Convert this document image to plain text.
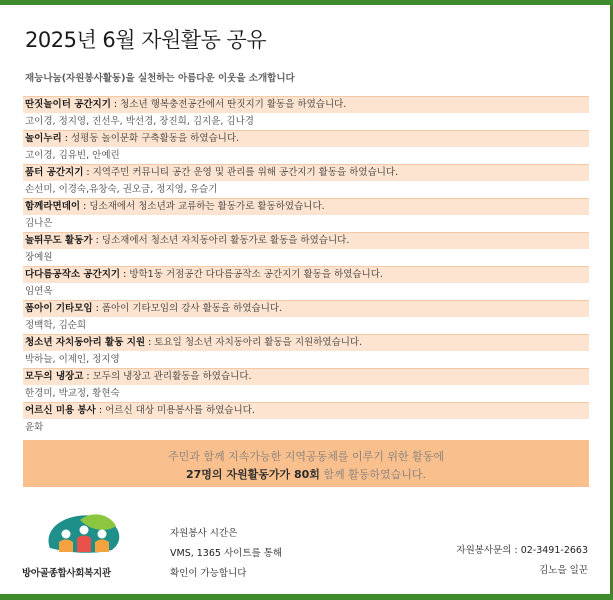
2025년 6월 자원활동 공유
재능나눔(자원봉사활동)을 실천하는 아름다운 이웃을 소개합니다
딴짓놀이터 공간지기 : 청소년 행복충전공간에서 딴짓지기 활동을 하였습니다.
고이경, 정지영, 진선우, 박선경, 장진희, 김지윤, 김나경
놀이누리 : 성평동 놀이문화 구축활동을 하였습니다.
고이경, 김유빈, 안예린
품터 공간지기 : 지역주민 커뮤니티 공간 운영 및 관리를 위해 공간지기 활동을 하였습니다.
손선미, 이경숙,유창숙, 권오금, 정지영, 유슬기
함께라면데이 : 딩소재에서 청소년과 교류하는 활동가로 활동하였습니다.
김나은
놀뛰무도 활동가 : 딩소재에서 청소년 자치동아리 활동가로 활동을 하였습니다.
장예원
다다름공작소 공간지기 : 방학1동 거점공간 다다름공작소 공간지기 활동을 하였습니다.
임연옥
폼아이 기타모임 : 폼아이 기타모임의 강사 활동을 하였습니다.
정백학, 김순희
청소년 자치동아리 활동 지원 : 토요일 청소년 자치동아리 활동을 지원하였습니다.
박하늘, 이제인, 정지영
모두의 냉장고 : 모두의 냉장고 관리활동을 하였습니다.
한경미, 박교정, 황현숙
어르신 미용 봉사 : 어르신 대상 미용봉사를 하였습니다.
윤화
주민과 함께 지속가능한 지역공동체를 이루기 위한 활동에
27명의 자원활동가가 80회 함께 활동하였습니다.
방아골종합사회복지관
자원봉사 시간은
VMS, 1365 사이트를 통해
확인이 가능합니다
자원봉사문의 : 02-3491-2663
김노을 일꾼
